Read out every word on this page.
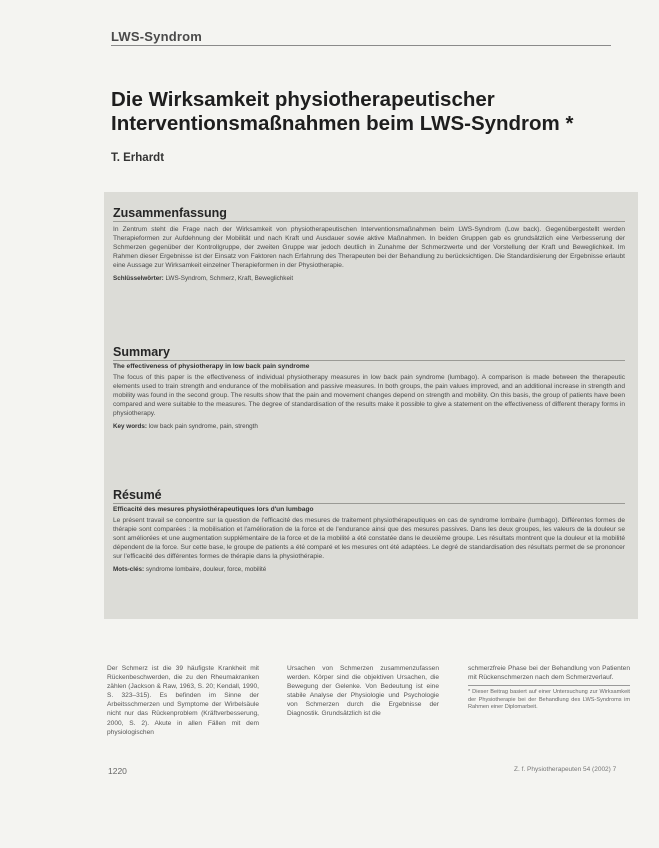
LWS-Syndrom
Die Wirksamkeit physiotherapeutischer
Interventionsmaßnahmen beim LWS-Syndrom *
T. Erhardt
Zusammenfassung

In Zentrum steht die Frage nach der Wirksamkeit von physiotherapeutischen Interventionsmaßnahmen beim LWS-Syndrom (Low back). Gegenübergestellt werden Therapieformen zur Aufdehnung der Mobilität und nach Kraft und Ausdauer sowie aktive Maßnahmen. In beiden Gruppen gab es grundsätzlich eine Verbesserung der Schmerzen gegenüber der Kontrollgruppe, der zweiten Gruppe war jedoch deutlich in Zunahme der Schmerzwerte und der Vorstellung der Kraft und Beweglichkeit. Im Rahmen dieser Ergebnisse ist der Einsatz von Faktoren nach Erfahrung des Therapeuten bei der Behandlung zu berücksichtigen. Die Standardisierung der Ergebnisse erlaubt eine Aussage zur Wirksamkeit einzelner Therapieformen in der Physiotherapie.

Schlüsselwörter: LWS-Syndrom, Schmerz, Kraft, Beweglichkeit
Summary
The effectiveness of physiotherapy in low back pain syndrome

The focus of this paper is the effectiveness of individual physiotherapy measures in low back pain syndrome (lumbago). A comparison is made between the therapeutic elements used to train strength and endurance of the mobilisation and passive measures. In both groups, the pain values improved, and an additional increase in strength and mobility was found in the second group. The results show that the pain and movement changes depend on strength and mobility. On this basis, the group of patients have been compared and were suitable to the measures. The degree of standardisation of the results make it possible to give a statement on the effectiveness of different therapy forms in physiotherapy.

Key words: low back pain syndrome, pain, strength
Résumé
Efficacité des mesures physiothérapeutiques lors d'un lumbago

Le présent travail se concentre sur la question de l'efficacité des mesures de traitement physiothérapeutiques en cas de syndrome lombaire (lumbago). Différentes formes de thérapie sont comparées : la mobilisation et l'amélioration de la force et de l'endurance ainsi que des mesures passives. Dans les deux groupes, les valeurs de la douleur se sont améliorées et une augmentation supplémentaire de la force et de la mobilité a été constatée dans le deuxième groupe. Les résultats montrent que la douleur et la mobilité dépendent de la force. Sur cette base, le groupe de patients a été comparé et les mesures ont été adaptées. Le degré de standardisation des résultats permet de se prononcer sur l'efficacité des différentes formes de thérapie dans la physiothérapie.

Mots-clés: syndrome lombaire, douleur, force, mobilité
Der Schmerz ist die 39 häufigste Krankheit mit Rückenbeschwerden, die zu den Rheumakranken zählen (Jackson & Raw, 1963, S. 20; Kendall, 1990, S. 323–315). Es befinden im Sinne der Arbeitsschmerzen und Symptome der Wirbelsäule nicht nur das Rückenproblem (Kräftverbesserung, 2000, S. 2). Akute in allen Fällen mit dem physiologischen
Ursachen von Schmerzen zusammenzufassen werden. Körper sind die objektiven Ursachen, die Bewegung der Gelenke. Von Bedeutung ist eine stabile Analyse der Physiologie und Psychologie von Schmerzen durch die Ergebnisse der Diagnostik. Grundsätzlich ist die
schmerzfreie Phase bei der Behandlung von Patienten mit Rückenschmerzen nach dem Schmerzverlauf.
* Dieser Beitrag basiert auf einer Untersuchung zur Wirksamkeit der Physiotherapie bei der Behandlung des LWS-Syndroms im Rahmen einer Diplomarbeit.
1220	Z. f. Physiotherapeuten 54 (2002) 7
